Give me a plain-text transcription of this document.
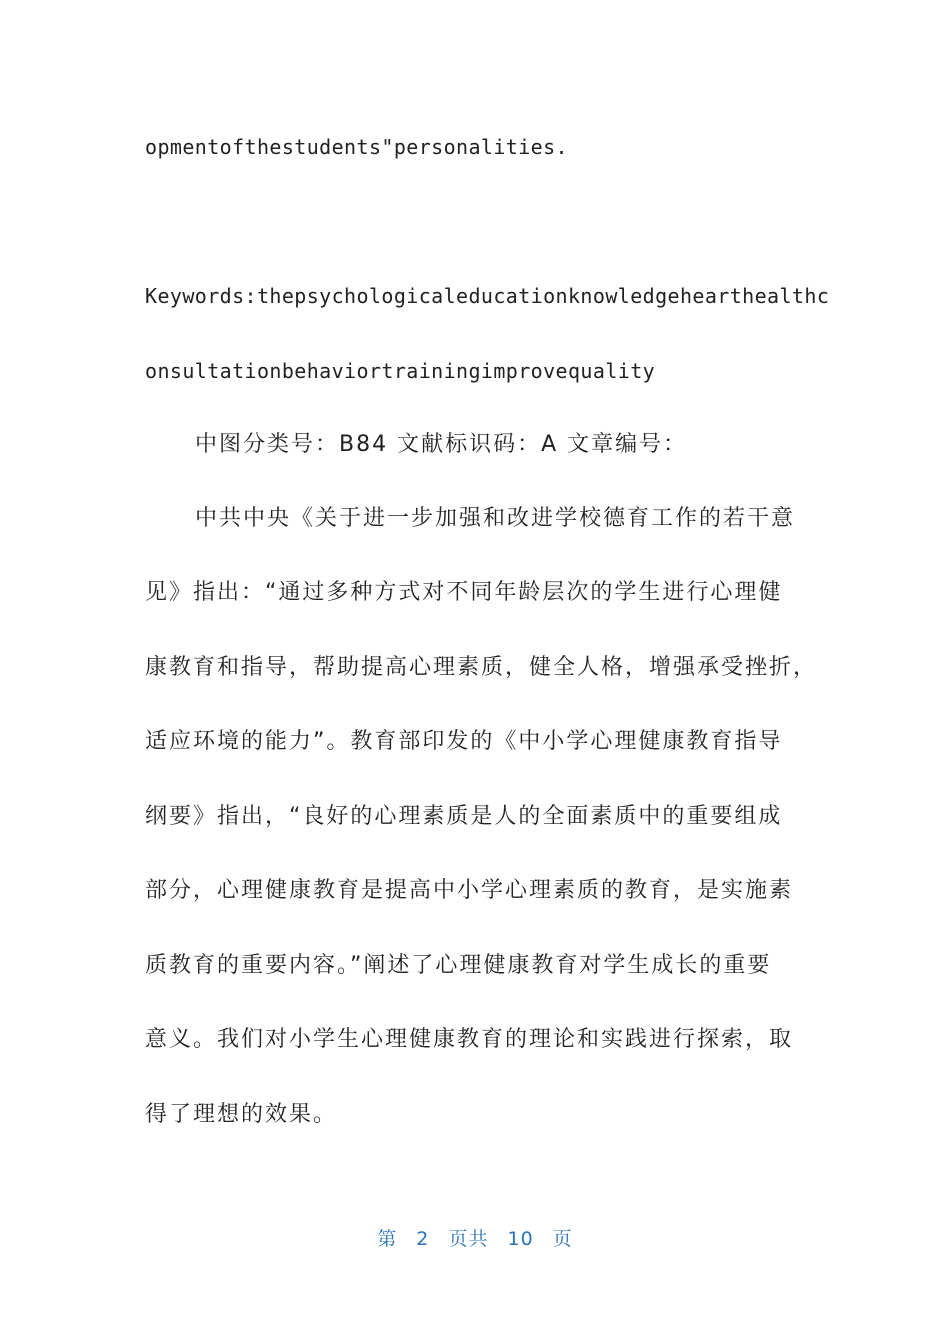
opmentofthestudents"personalities.
Keywords:thepsychologicaleducationknowledgehearthealthc
onsultationbehaviortrainingimprovequality
中图分类号：B84 文献标识码：A 文章编号：
中共中央《关于进一步加强和改进学校德育工作的若干意
见》指出：“通过多种方式对不同年龄层次的学生进行心理健
康教育和指导，帮助提高心理素质，健全人格，增强承受挫折，
适应环境的能力”。教育部印发的《中小学心理健康教育指导
纲要》指出，“良好的心理素质是人的全面素质中的重要组成
部分，心理健康教育是提高中小学心理素质的教育，是实施素
质教育的重要内容。”阐述了心理健康教育对学生成长的重要
意义。我们对小学生心理健康教育的理论和实践进行探索，取
得了理想的效果。
第 2 页共 10 页
